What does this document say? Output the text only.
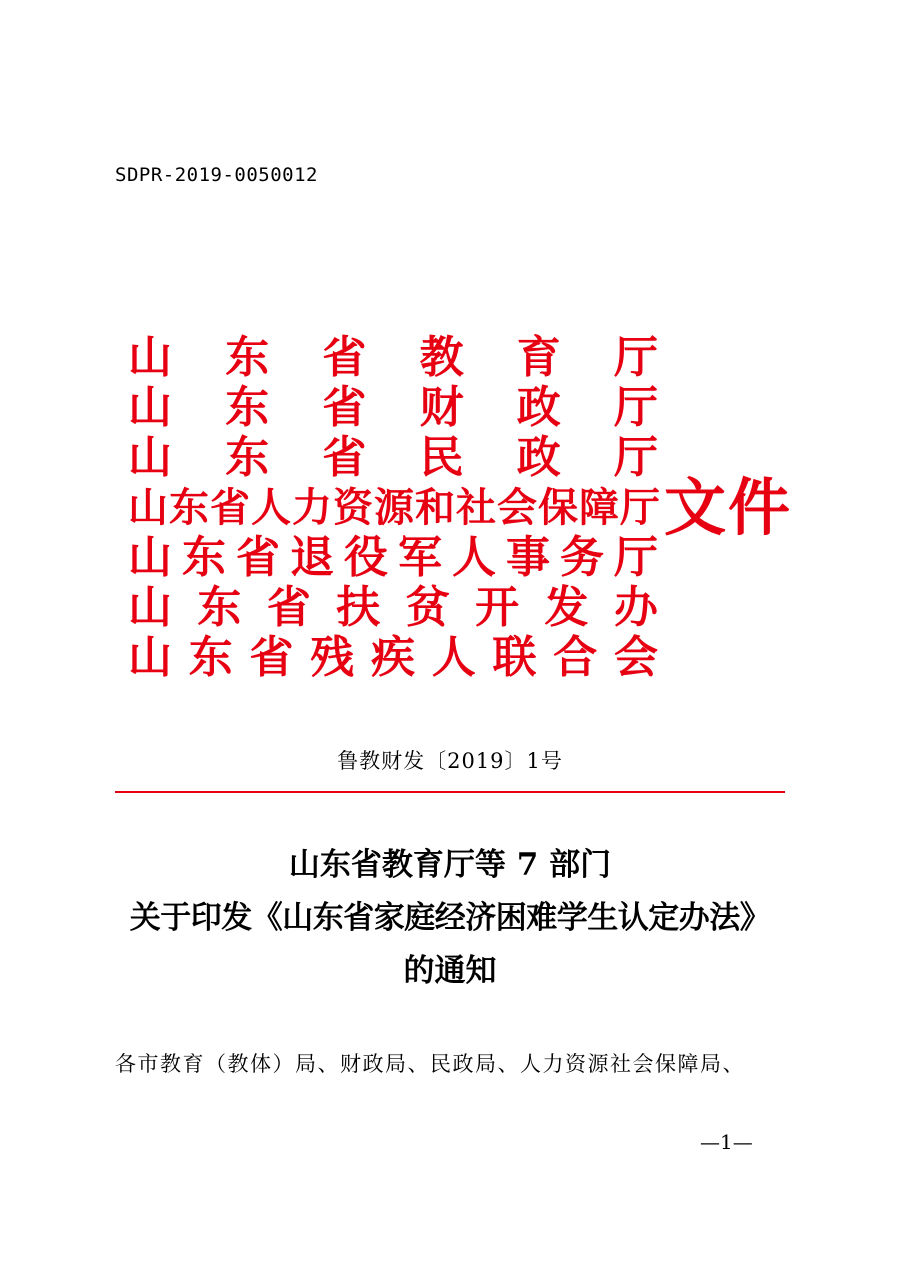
SDPR-2019-0050012
山 东 省 教 育 厅
山 东 省 财 政 厅
山 东 省 民 政 厅
山 东 省 人 力 资 源 和 社 会 保 障 厅
山 东 省 退 役 军 人 事 务 厅
山 东 省 扶 贫 开 发 办
山 东 省 残 疾 人 联 合 会
文件
鲁教财发〔2019〕1号
山东省教育厅等 7 部门
关于印发《山东省家庭经济困难学生认定办法》
的通知
各市教育（教体）局、财政局、民政局、人力资源社会保障局、
—1—
